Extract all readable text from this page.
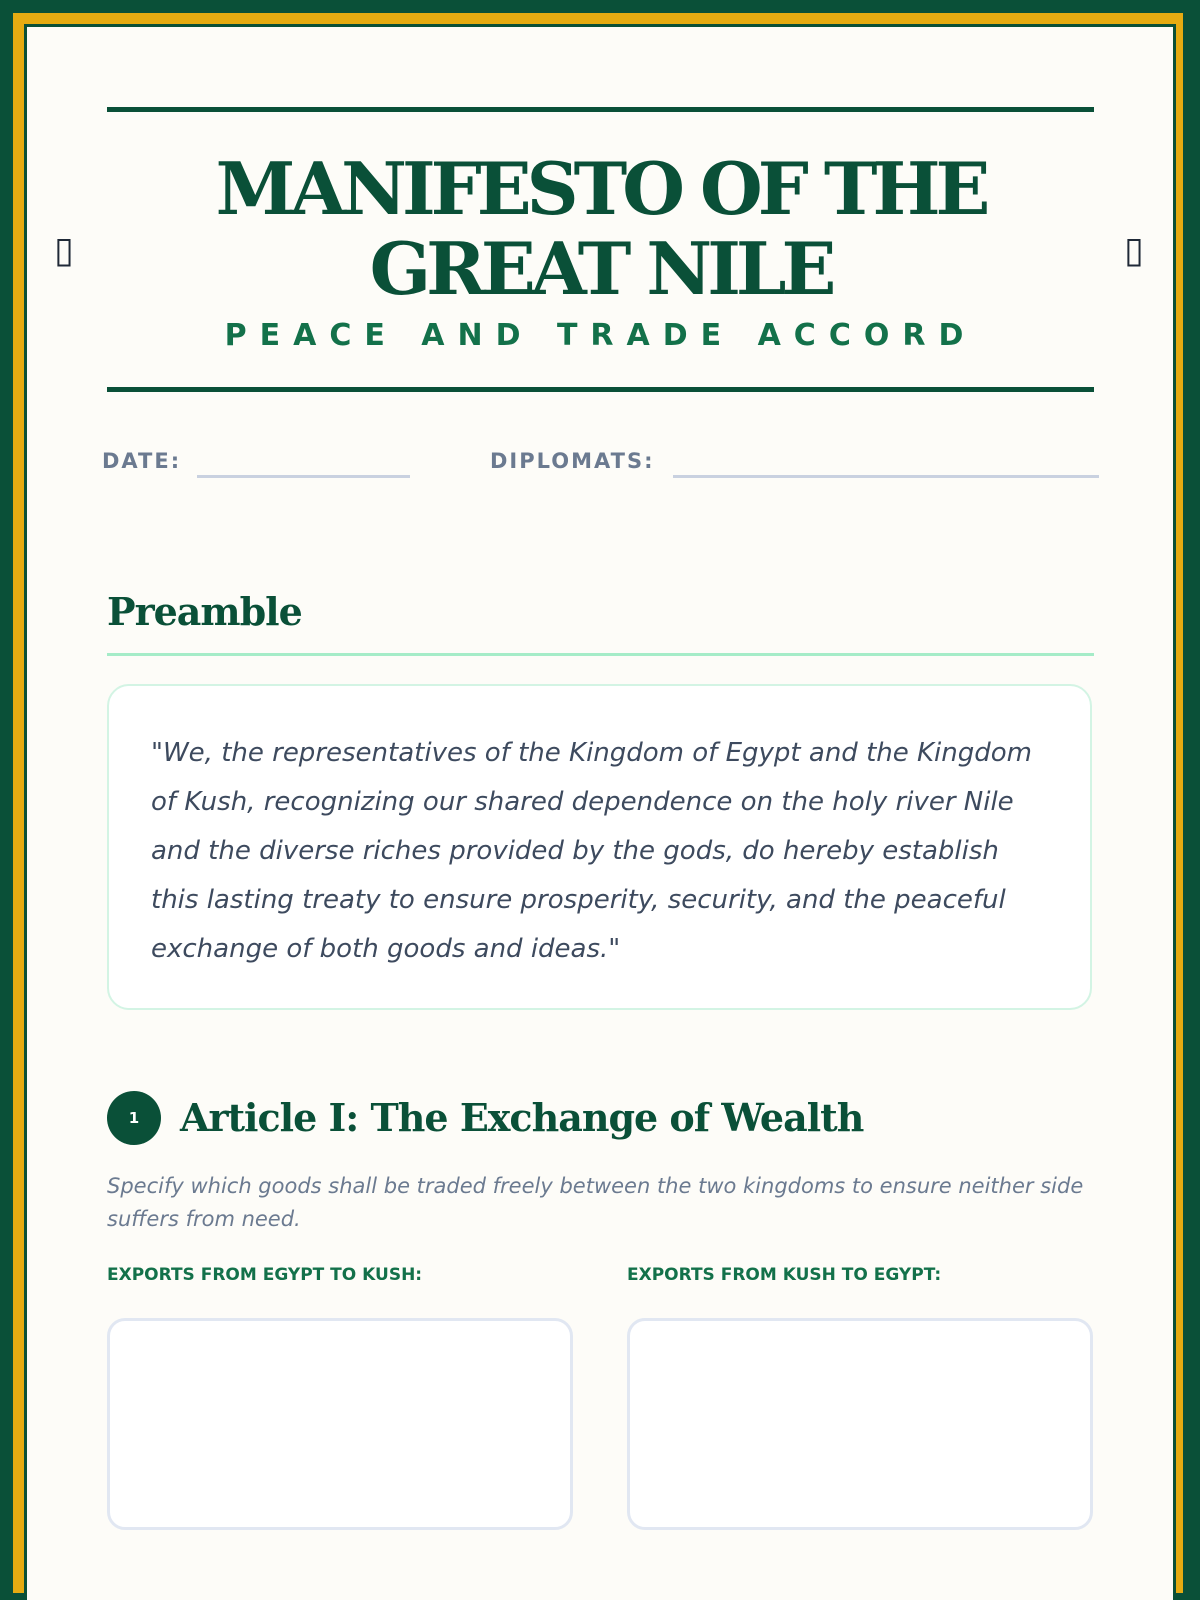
▯	▯
MANIFESTO OF THE GREAT NILE
PEACE AND TRADE ACCORD
DATE:	DIPLOMATS:
Preamble

"We, the representatives of the Kingdom of Egypt and the Kingdom of Kush, recognizing our shared dependence on the holy river Nile and the diverse riches provided by the gods, do hereby establish this lasting treaty to ensure prosperity, security, and the peaceful exchange of both goods and ideas."

1	Article I: The Exchange of Wealth

Specify which goods shall be traded freely between the two kingdoms to ensure neither side suffers from need.

EXPORTS FROM EGYPT TO KUSH:	EXPORTS FROM KUSH TO EGYPT:
